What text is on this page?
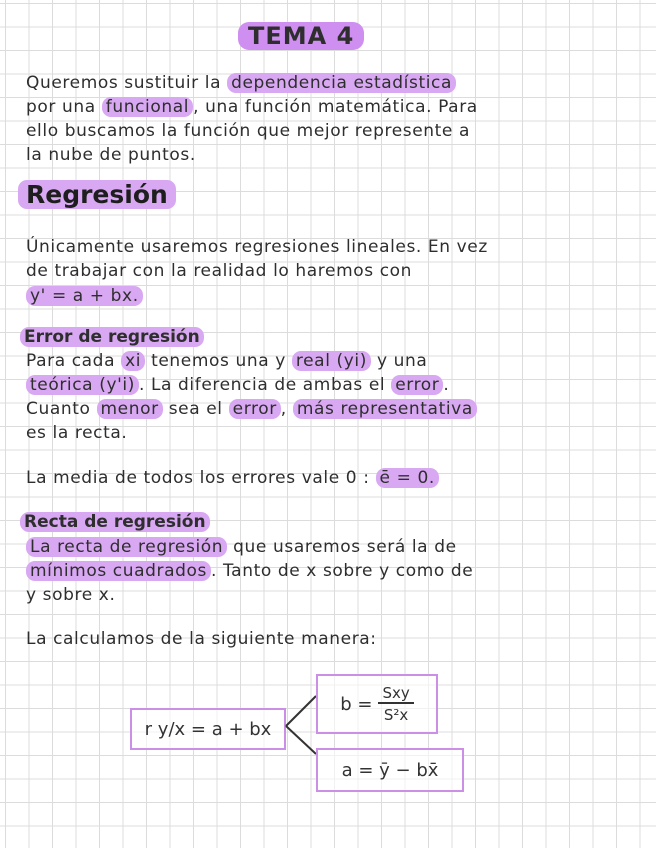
TEMA 4
Queremos sustituir la dependencia estadística
por una funcional , una función matemática. Para
ello buscamos la función que mejor represente a
la nube de puntos.
Regresión
Únicamente usaremos regresiones lineales. En vez
de trabajar con la realidad lo haremos con
y' = a + bx.
Error de regresión
Para cada xi tenemos una y real (yi) y una
teórica (y'i) . La diferencia de ambas el error .
Cuanto menor sea el error , más representativa
es la recta.
La media de todos los errores vale 0 : ē = 0.
Recta de regresión
La recta de regresión que usaremos será la de
mínimos cuadrados . Tanto de x sobre y como de
y sobre x.
La calculamos de la siguiente manera:
r y/x = a + bx
$b = \frac{\text{Sxy}}{\text{S²x}}$
a = ȳ − bx̄
